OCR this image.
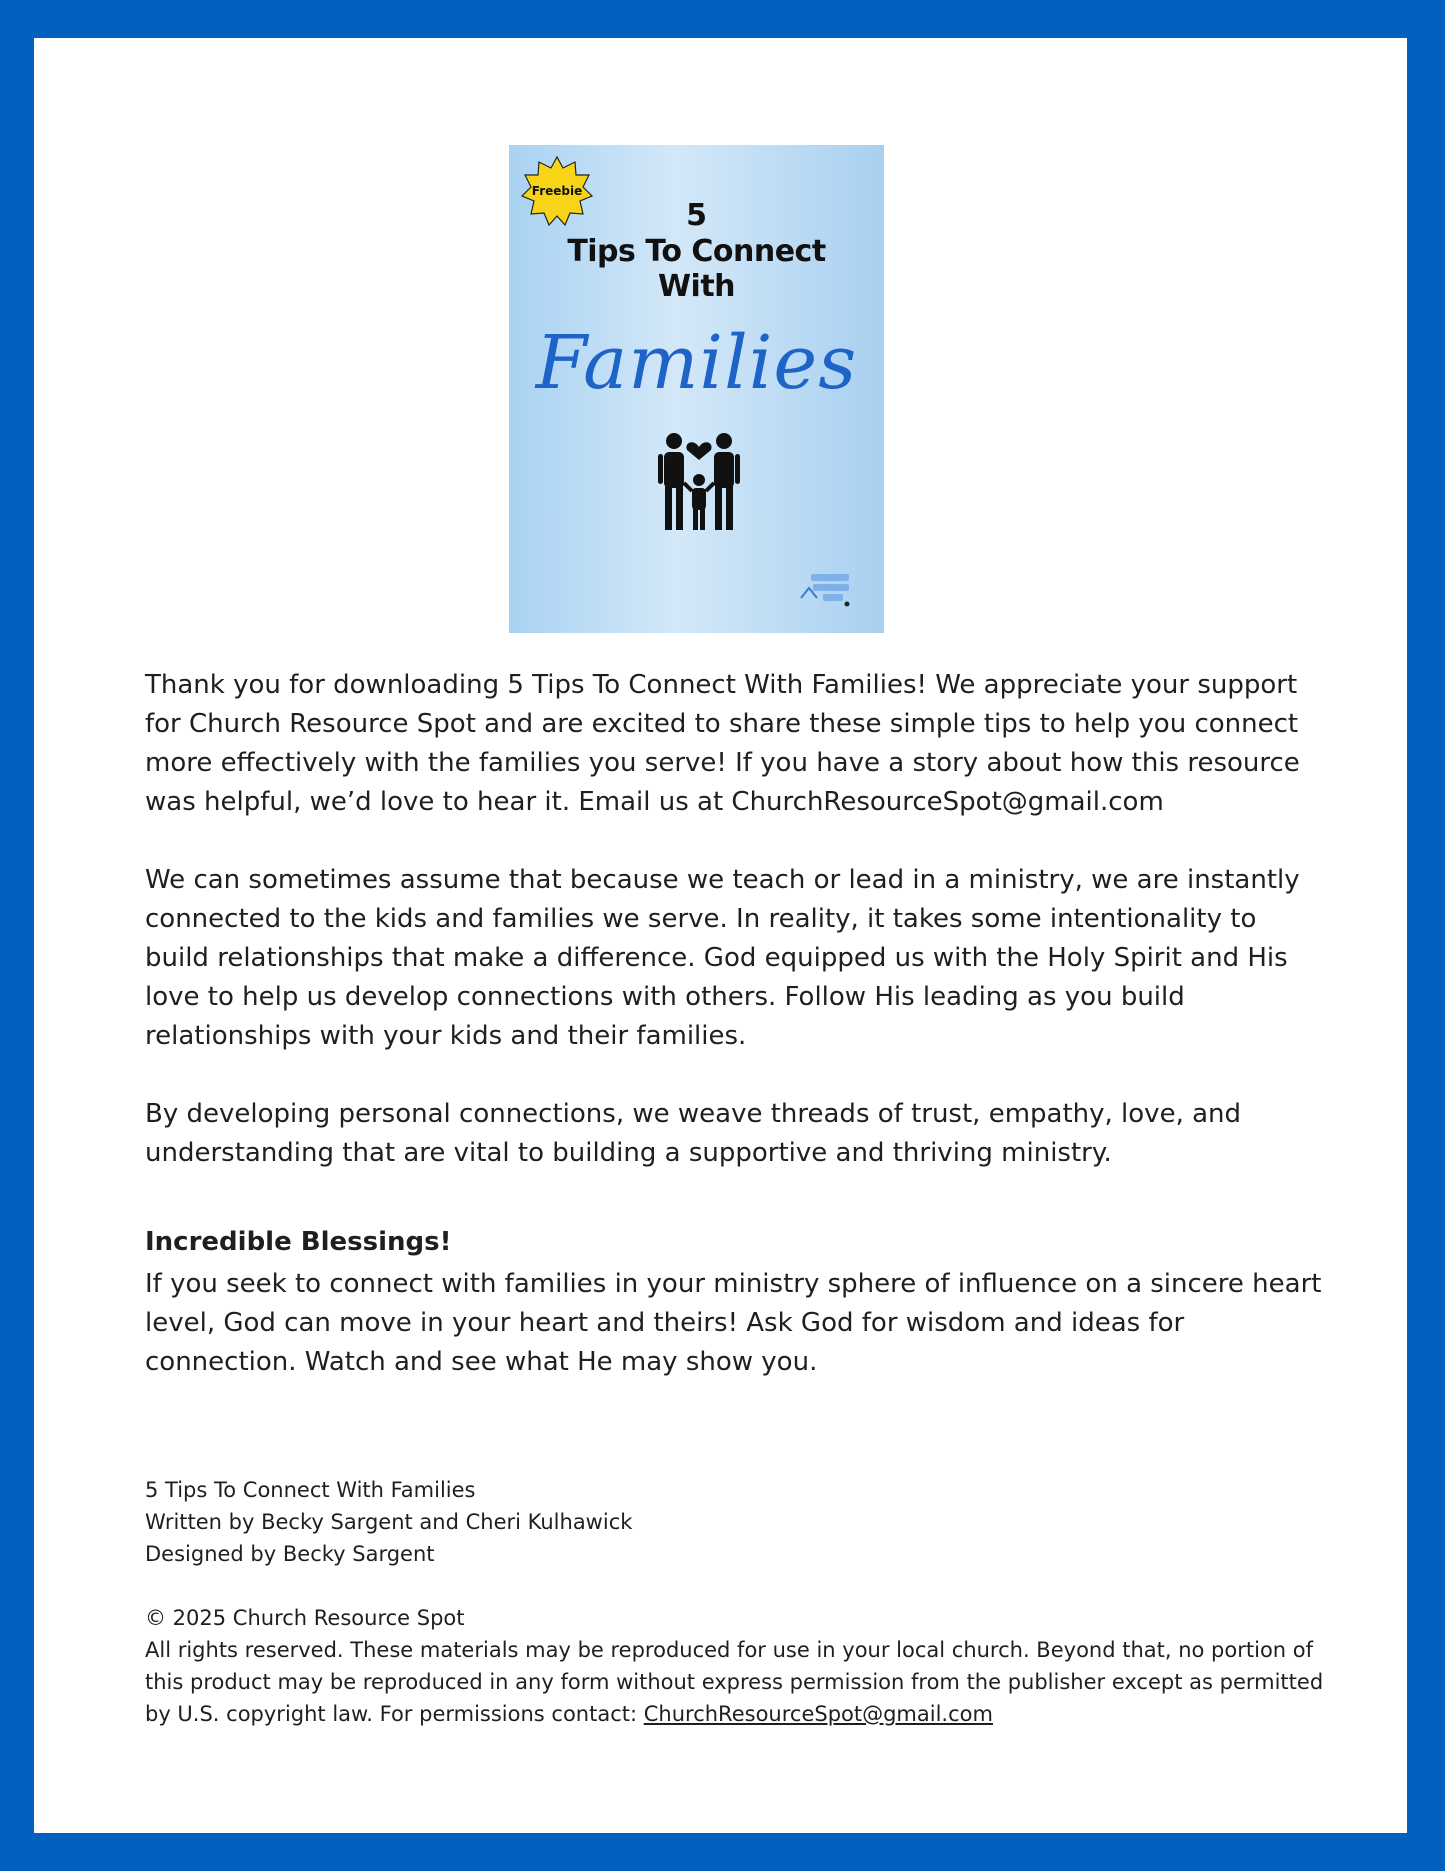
Freebie
5
Tips To Connect
With
Families

Thank you for downloading 5 Tips To Connect With Families! We appreciate your support for Church Resource Spot and are excited to share these simple tips to help you connect more effectively with the families you serve! If you have a story about how this resource was helpful, we’d love to hear it. Email us at ChurchResourceSpot@gmail.com

We can sometimes assume that because we teach or lead in a ministry, we are instantly connected to the kids and families we serve. In reality, it takes some intentionality to build relationships that make a difference. God equipped us with the Holy Spirit and His love to help us develop connections with others. Follow His leading as you build relationships with your kids and their families.

By developing personal connections, we weave threads of trust, empathy, love, and understanding that are vital to building a supportive and thriving ministry.

Incredible Blessings!

If you seek to connect with families in your ministry sphere of influence on a sincere heart level, God can move in your heart and theirs! Ask God for wisdom and ideas for connection. Watch and see what He may show you.

5 Tips To Connect With Families
Written by Becky Sargent and Cheri Kulhawick
Designed by Becky Sargent
© 2025 Church Resource Spot
All rights reserved. These materials may be reproduced for use in your local church. Beyond that, no portion of this product may be reproduced in any form without express permission from the publisher except as permitted by U.S. copyright law. For permissions contact: ChurchResourceSpot@gmail.com
